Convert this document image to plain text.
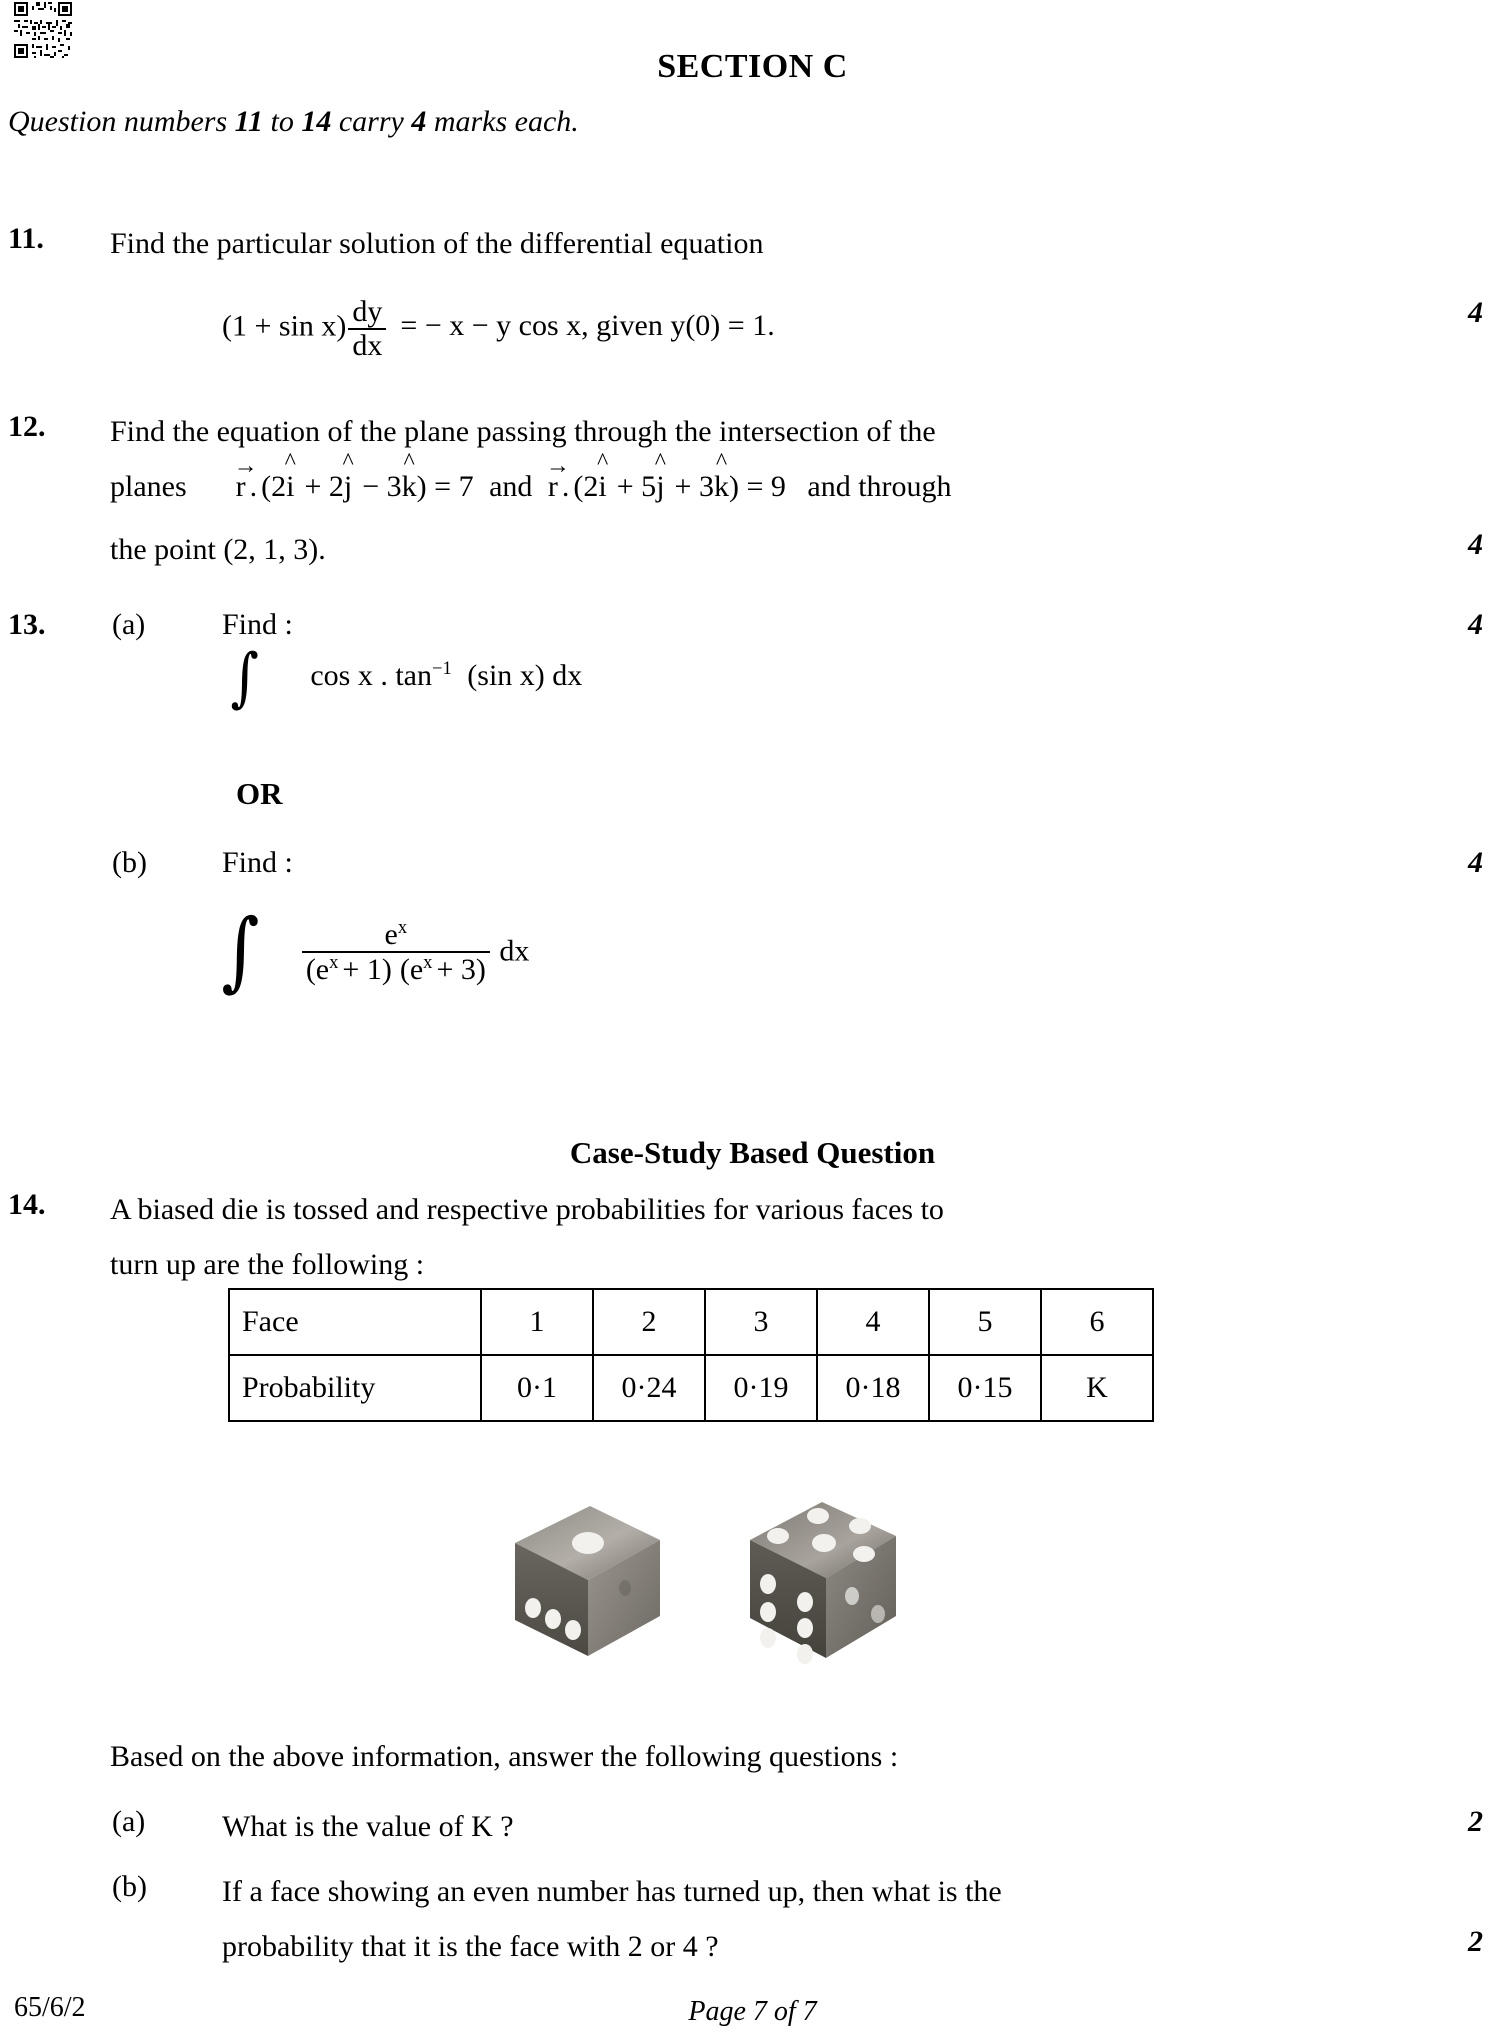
SECTION C
Question numbers 11 to 14 carry 4 marks each.
11. Find the particular solution of the differential equation
$(1 + \sin x) \frac{dy}{dx}$ = − x − y cos x, given y(0) = 1.	4
12. Find the equation of the plane passing through the intersection of the
planes
→
r . (2
^
i + 2
^
j − 3
^
k) = 7 and
→
r . (2
^
i + 5
^
j + 3
^
k) = 9 and through
the point (2, 1, 3).	4
13. (a)	Find :	4
∫ cos x . $\tan^{-1} (\sin$ x) dx
OR
(b)	Find :	4
∫ $\frac{e^x}{(e^x + 1) (e^x + 3)}$ dx
Case-Study Based Question
14. A biased die is tossed and respective probabilities for various faces to
turn up are the following :
Face	1	2	3	4	5	6
Probability	0·1	0·24	0·19	0·18	0·15	K
Based on the above information, answer the following questions :
(a)	What is the value of K ?	2
(b)	If a face showing an even number has turned up, then what is the
probability that it is the face with 2 or 4 ?	2
65/6/2	Page 7 of 7
